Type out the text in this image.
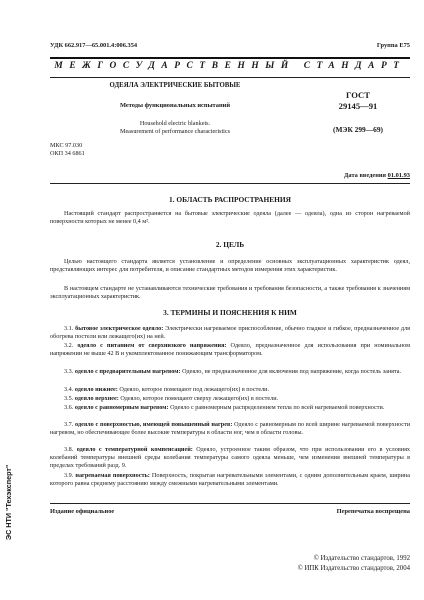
УДК 662.917—65.001.4:006.354	Группа Е75
МЕЖГОСУДАРСТВЕННЫЙ СТАНДАРТ
ОДЕЯЛА ЭЛЕКТРИЧЕСКИЕ БЫТОВЫЕ
Методы функциональных испытаний
Household electric blankets.
Measurement of performance characteristics
ГОСТ
29145—91
(МЭК 299—69)
МКС 97.030
ОКП 34 6861
Дата введения 01.01.93
1. ОБЛАСТЬ РАСПРОСТРАНЕНИЯ
Настоящий стандарт распространяется на бытовые электрические одеяла (далее — одеяла), одна из сторон нагреваемой поверхности которых не менее 0,4 м².
2. ЦЕЛЬ
Целью настоящего стандарта является установление и определение основных эксплуатационных характеристик одеял, представляющих интерес для потребителя, и описание стандартных методов измерения этих характеристик.
В настоящем стандарте не устанавливаются технические требования и требования безопасности, а также требования к значениям эксплуатационных характеристик.
3. ТЕРМИНЫ И ПОЯСНЕНИЯ К НИМ
3.1. бытовое электрическое одеяло: Электрически нагреваемое приспособление, обычно гладкое и гибкое, предназначенное для обогрева постели или лежащего(их) на ней.
3.2. одеяло с питанием от сверхнизкого напряжения: Одеяло, предназначенное для использования при номинальном напряжении не выше 42 В и укомплектованное понижающим трансформатором.
3.3. одеяло с предварительным нагревом: Одеяло, не предназначенное для включения под напряжение, когда постель занята.
3.4. одеяло нижнее: Одеяло, которое помещают под лежащего(их) в постели.
3.5. одеяло верхнее: Одеяло, которое помещают сверху лежащего(их) в постели.
3.6. одеяло с равномерным нагревом: Одеяло с равномерным распределением тепла по всей нагреваемой поверхности.
3.7. одеяло с поверхностью, имеющей повышенный нагрев: Одеяло с равномерным по всей ширине нагреваемой поверхности нагревом, но обеспечивающее более высокие температуры в области ног, чем в области головы.
3.8. одеяло с температурной компенсацией: Одеяло, устроенное таким образом, что при использовании его в условиях колебаний температуры внешней среды колебания температуры самого одеяла меньше, чем изменения внешней температуры в пределах требований разд. 9.
3.9. нагреваемая поверхность: Поверхность, покрытая нагревательными элементами, с одним дополнительным краем, ширина которого равна среднему расстоянию между смежными нагревательными элементами.
Издание официальное	Перепечатка воспрещена
© Издательство стандартов, 1992
© ИПК Издательство стандартов, 2004
ЭС НТИ "Техэксперт"
